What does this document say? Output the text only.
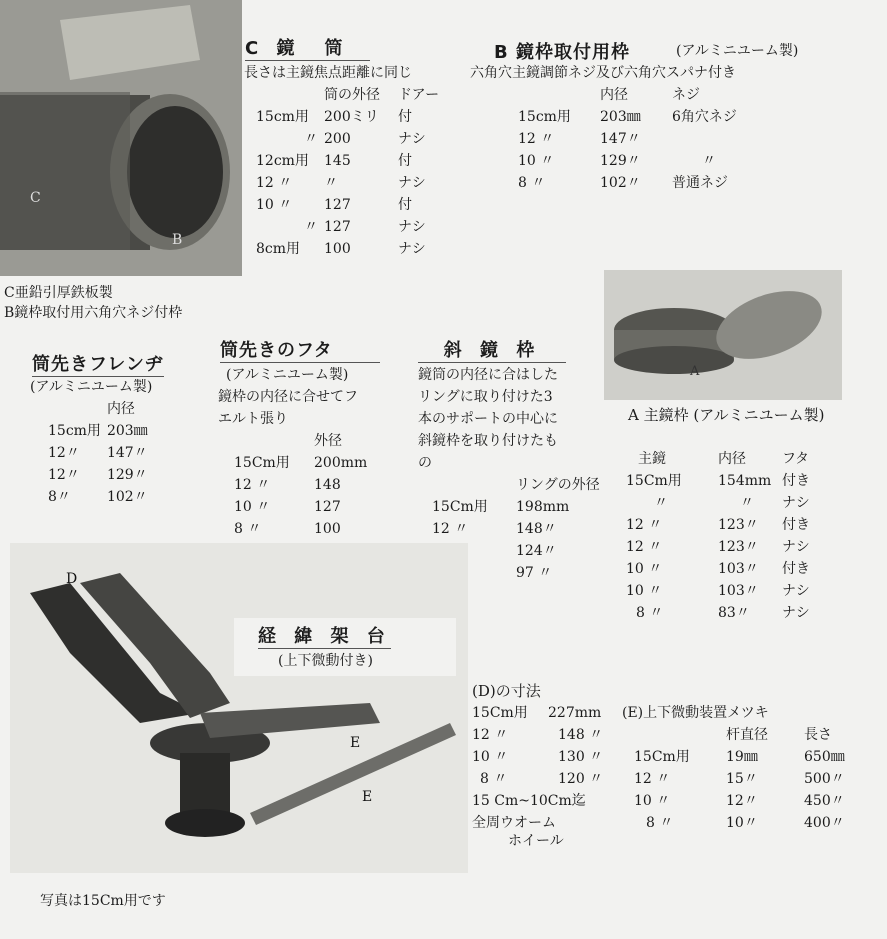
C
B
C 鏡　筒
長さは主鏡焦点距離に同じ
	筒の外径	ドアー
15cm用	200ミリ	付
〃	200	ナシ
12cm用	145	付
12 〃	〃	ナシ
10 〃	127	付
〃	127	ナシ
8cm用	100	ナシ
C亜鉛引厚鉄板製
B鏡枠取付用六角穴ネジ付枠
B 鏡枠取付用枠	(アルミニユーム製)
六角穴主鏡調節ネジ及び六角穴スパナ付き
	内径	ネジ
15cm用	203㎜	6角穴ネジ
12 〃	147〃	
10 〃	129〃	〃
8 〃	102〃	普通ネジ
A
筒先きフレンヂ
(アルミニユーム製)
	内径
15cm用	203㎜
12〃	147〃
12〃	129〃
8〃	102〃
筒先きのフタ
(アルミニユーム製)
鏡枠の内径に合せてフ
エルト張り
	外径
15Cm用	200mm
12 〃	148
10 〃	127
8 〃	100
斜 鏡 枠
鏡筒の内径に合はした
リングに取り付けた3
本のサポートの中心に
斜鏡枠を取り付けたも
の
	リングの外径
15Cm用	198mm
12 〃	148〃
	124〃
	97 〃
A 主鏡枠 (アルミニユーム製)
主鏡	内径	フタ
15Cm用	154mm	付き
〃	〃	ナシ
12 〃	123〃	付き
12 〃	123〃	ナシ
10 〃	103〃	付き
10 〃	103〃	ナシ
8 〃	83〃	ナシ
D
E
E
経 緯 架 台
(上下微動付き)
写真は15Cm用です
(D)の寸法
15Cm用	227mm
12 〃	148 〃
10 〃	130 〃
8 〃	120 〃
15 Cm~10Cm迄
全周ウオーム
ホイール
(E)上下微動装置メツキ
	杆直径	長さ
15Cm用	19㎜	650㎜
12 〃	15〃	500〃
10 〃	12〃	450〃
8 〃	10〃	400〃
